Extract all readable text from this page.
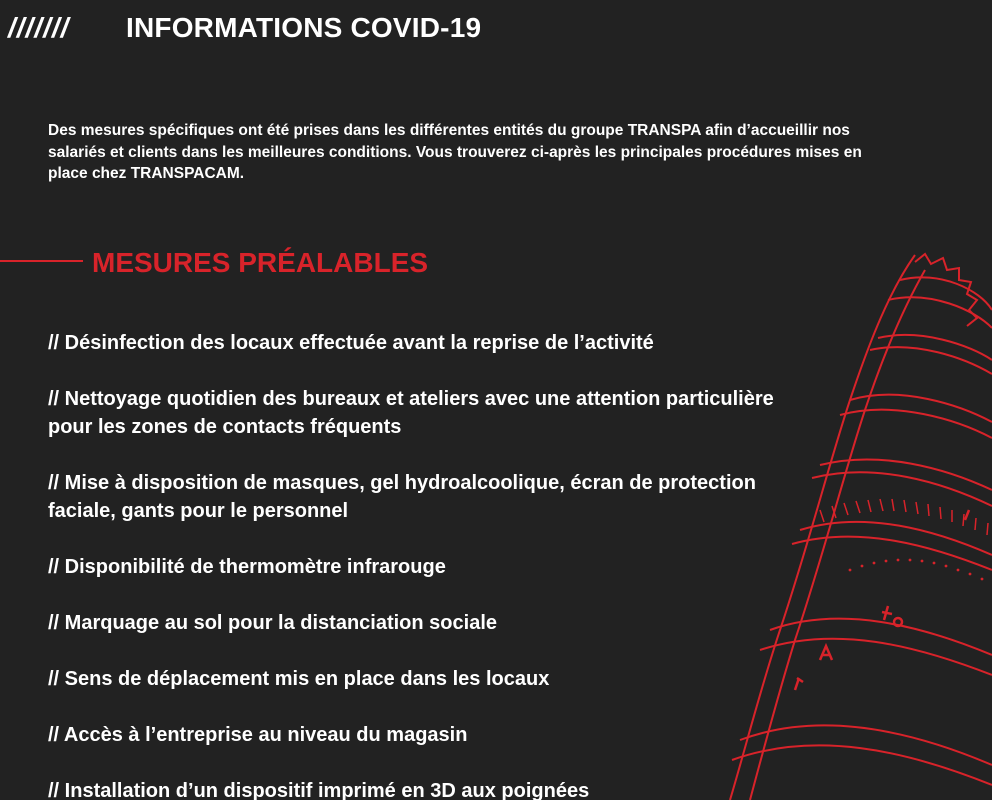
///////	INFORMATIONS COVID-19

Des mesures spécifiques ont été prises dans les différentes entités du groupe TRANSPA afin d’accueillir nos salariés et clients dans les meilleures conditions. Vous trouverez ci-après les principales procédures mises en place chez TRANSPACAM.

MESURES PRÉALABLES
// Désinfection des locaux effectuée avant la reprise de l’activité
// Nettoyage quotidien des bureaux et ateliers avec une attention particulière pour les zones de contacts fréquents
// Mise à disposition de masques, gel hydroalcoolique, écran de protection faciale, gants pour le personnel
// Disponibilité de thermomètre infrarouge
// Marquage au sol pour la distanciation sociale
// Sens de déplacement mis en place dans les locaux
// Accès à l’entreprise au niveau du magasin
// Installation d’un dispositif imprimé en 3D aux poignées
